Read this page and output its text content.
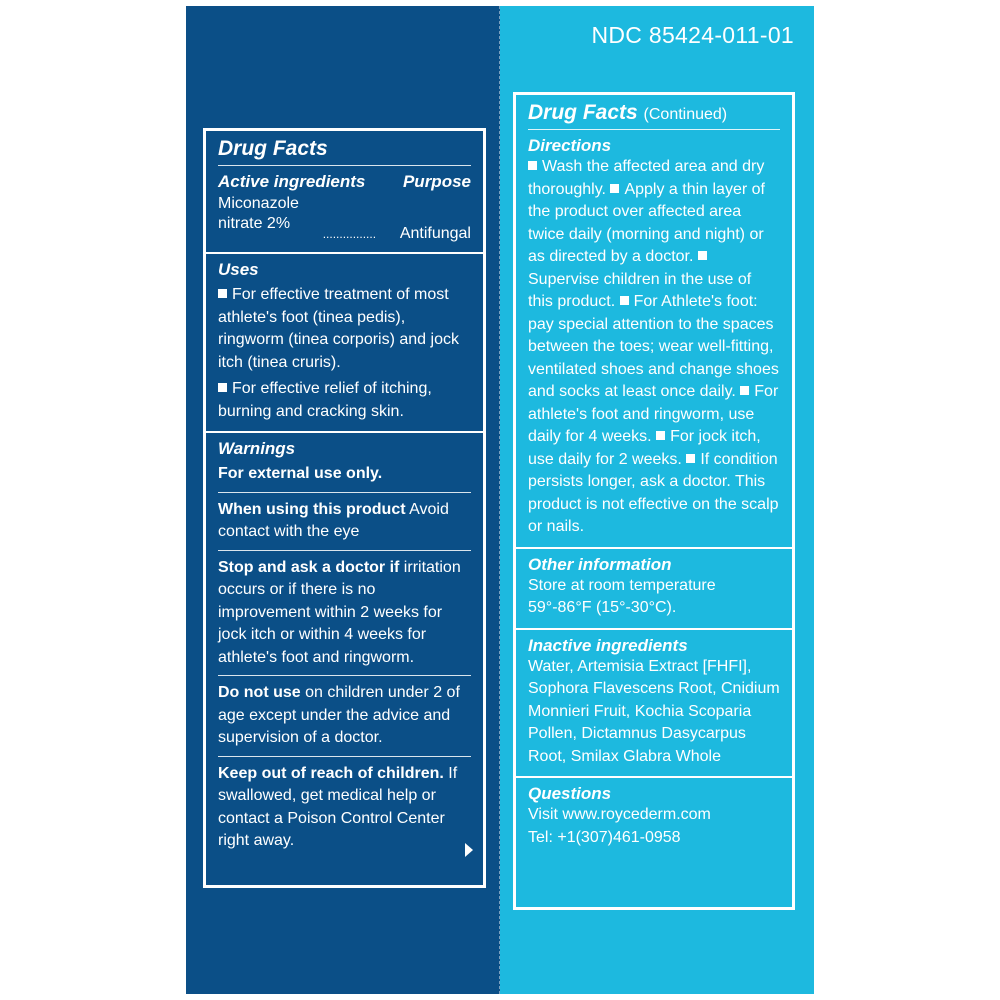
NDC 85424-011-01
Drug Facts
Active ingredients Purpose
Miconazole
nitrate 2%
................ Antifungal
Uses
For effective treatment of most athlete's foot (tinea pedis), ringworm (tinea corporis) and jock itch (tinea cruris).
For effective relief of itching, burning and cracking skin.
Warnings
For external use only.
When using this product Avoid contact with the eye
Stop and ask a doctor if irritation occurs or if there is no improvement within 2 weeks for jock itch or within 4 weeks for athlete's foot and ringworm.
Do not use on children under 2 of age except under the advice and supervision of a doctor.
Keep out of reach of children. If swallowed, get medical help or contact a Poison Control Center right away.
Drug Facts (Continued)
Directions
Wash the affected area and dry thoroughly. Apply a thin layer of the product over affected area twice daily (morning and night) or as directed by a doctor. Supervise children in the use of this product. For Athlete's foot: pay special attention to the spaces between the toes; wear well-fitting, ventilated shoes and change shoes and socks at least once daily. For athlete's foot and ringworm, use daily for 4 weeks. For jock itch, use daily for 2 weeks. If condition persists longer, ask a doctor. This product is not effective on the scalp or nails.
Other information
Store at room temperature 59°-86°F (15°-30°C).
Inactive ingredients
Water, Artemisia Extract [FHFI], Sophora Flavescens Root, Cnidium Monnieri Fruit, Kochia Scoparia Pollen, Dictamnus Dasycarpus Root, Smilax Glabra Whole
Questions
Visit www.roycederm.com
Tel: +1(307)461-0958
